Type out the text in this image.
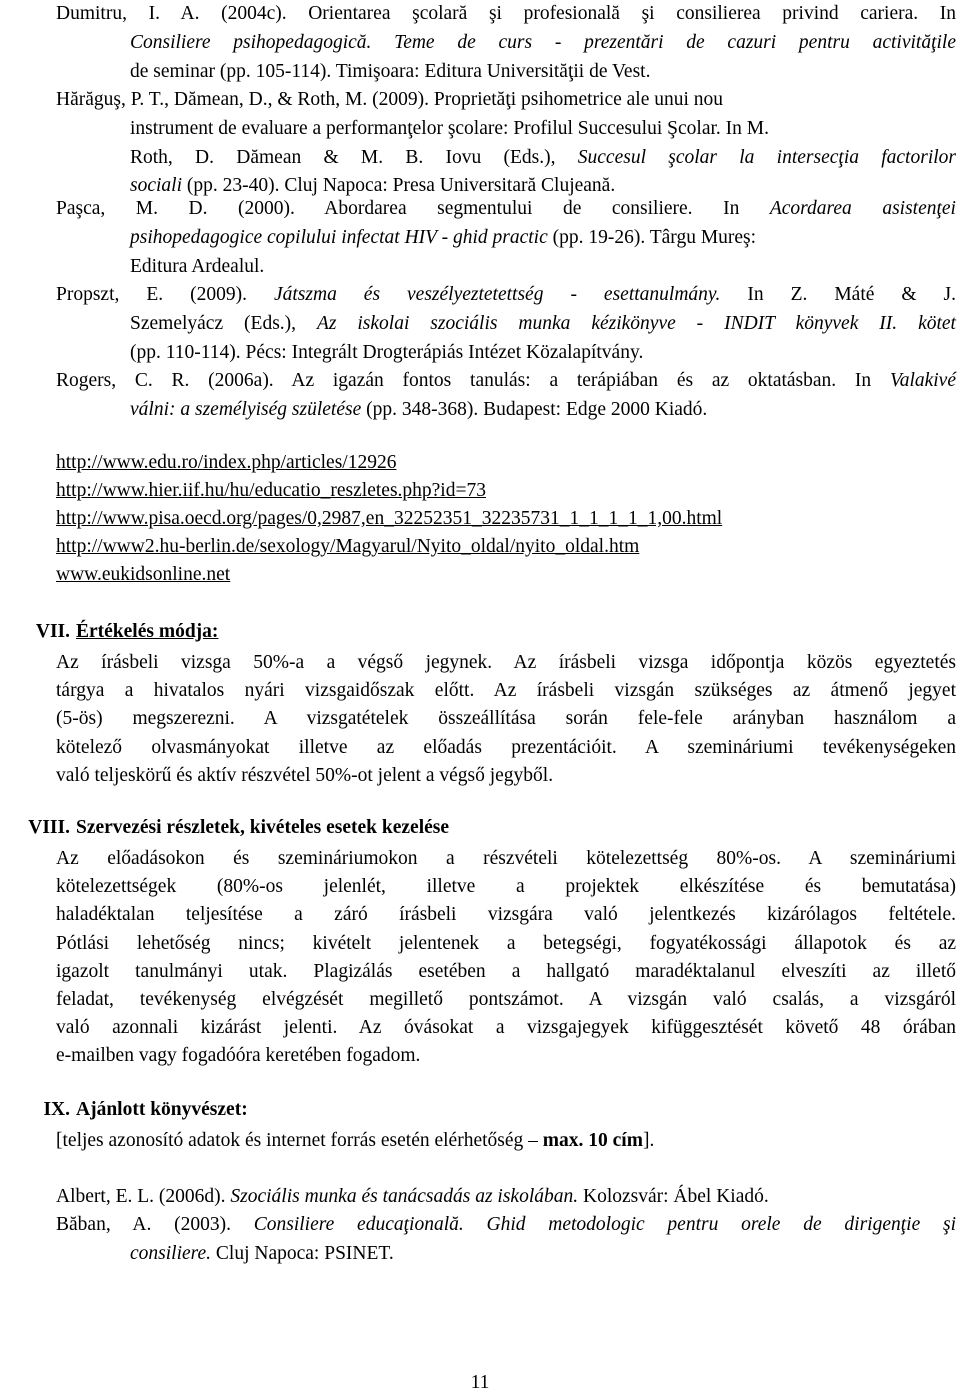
Dumitru, I. A. (2004c). Orientarea şcolară şi profesională şi consilierea privind cariera. In
Consiliere psihopedagogică. Teme de curs - prezentări de cazuri pentru activităţile
de seminar (pp. 105-114). Timişoara: Editura Universităţii de Vest.
Hărăguş, P. T., Dămean, D., & Roth, M. (2009). Proprietăţi psihometrice ale unui nou
instrument de evaluare a performanţelor şcolare: Profilul Succesului Şcolar. In M.
Roth, D. Dămean & M. B. Iovu (Eds.), Succesul şcolar la intersecţia factorilor
sociali (pp. 23-40). Cluj Napoca: Presa Universitară Clujeană.
Paşca, M. D. (2000). Abordarea segmentului de consiliere. In Acordarea asistenţei
psihopedagogice copilului infectat HIV - ghid practic (pp. 19-26). Târgu Mureş:
Editura Ardealul.
Propszt, E. (2009). Játszma és veszélyeztetettség - esettanulmány. In Z. Máté & J.
Szemelyácz (Eds.), Az iskolai szociális munka kézikönyve - INDIT könyvek II. kötet
(pp. 110-114). Pécs: Integrált Drogterápiás Intézet Közalapítvány.
Rogers, C. R. (2006a). Az igazán fontos tanulás: a terápiában és az oktatásban. In Valakivé
válni: a személyiség születése (pp. 348-368). Budapest: Edge 2000 Kiadó.
http://www.edu.ro/index.php/articles/12926
http://www.hier.iif.hu/hu/educatio_reszletes.php?id=73
http://www.pisa.oecd.org/pages/0,2987,en_32252351_32235731_1_1_1_1_1,00.html
http://www2.hu-berlin.de/sexology/Magyarul/Nyito_oldal/nyito_oldal.htm
www.eukidsonline.net
VII. Értékelés módja:
Az írásbeli vizsga 50%-a a végső jegynek. Az írásbeli vizsga időpontja közös egyeztetés
tárgya a hivatalos nyári vizsgaidőszak előtt. Az írásbeli vizsgán szükséges az átmenő jegyet
(5-ös) megszerezni. A vizsgatételek összeállítása során fele-fele arányban használom a
kötelező olvasmányokat illetve az előadás prezentációit. A szemináriumi tevékenységeken
való teljeskörű és aktív részvétel 50%-ot jelent a végső jegyből.
VIII. Szervezési részletek, kivételes esetek kezelése
Az előadásokon és szemináriumokon a részvételi kötelezettség 80%-os. A szemináriumi
kötelezettségek (80%-os jelenlét, illetve a projektek elkészítése és bemutatása)
haladéktalan teljesítése a záró írásbeli vizsgára való jelentkezés kizárólagos feltétele.
Pótlási lehetőség nincs; kivételt jelentenek a betegségi, fogyatékossági állapotok és az
igazolt tanulmányi utak. Plagizálás esetében a hallgató maradéktalanul elveszíti az illető
feladat, tevékenység elvégzését megillető pontszámot. A vizsgán való csalás, a vizsgáról
való azonnali kizárást jelenti. Az óvásokat a vizsgajegyek kifüggesztését követő 48 órában
e-mailben vagy fogadóóra keretében fogadom.
IX. Ajánlott könyvészet:
[teljes azonosító adatok és internet forrás esetén elérhetőség – max. 10 cím].
Albert, E. L. (2006d). Szociális munka és tanácsadás az iskolában. Kolozsvár: Ábel Kiadó.
Băban, A. (2003). Consiliere educaţională. Ghid metodologic pentru orele de dirigenţie şi
consiliere. Cluj Napoca: PSINET.
11
